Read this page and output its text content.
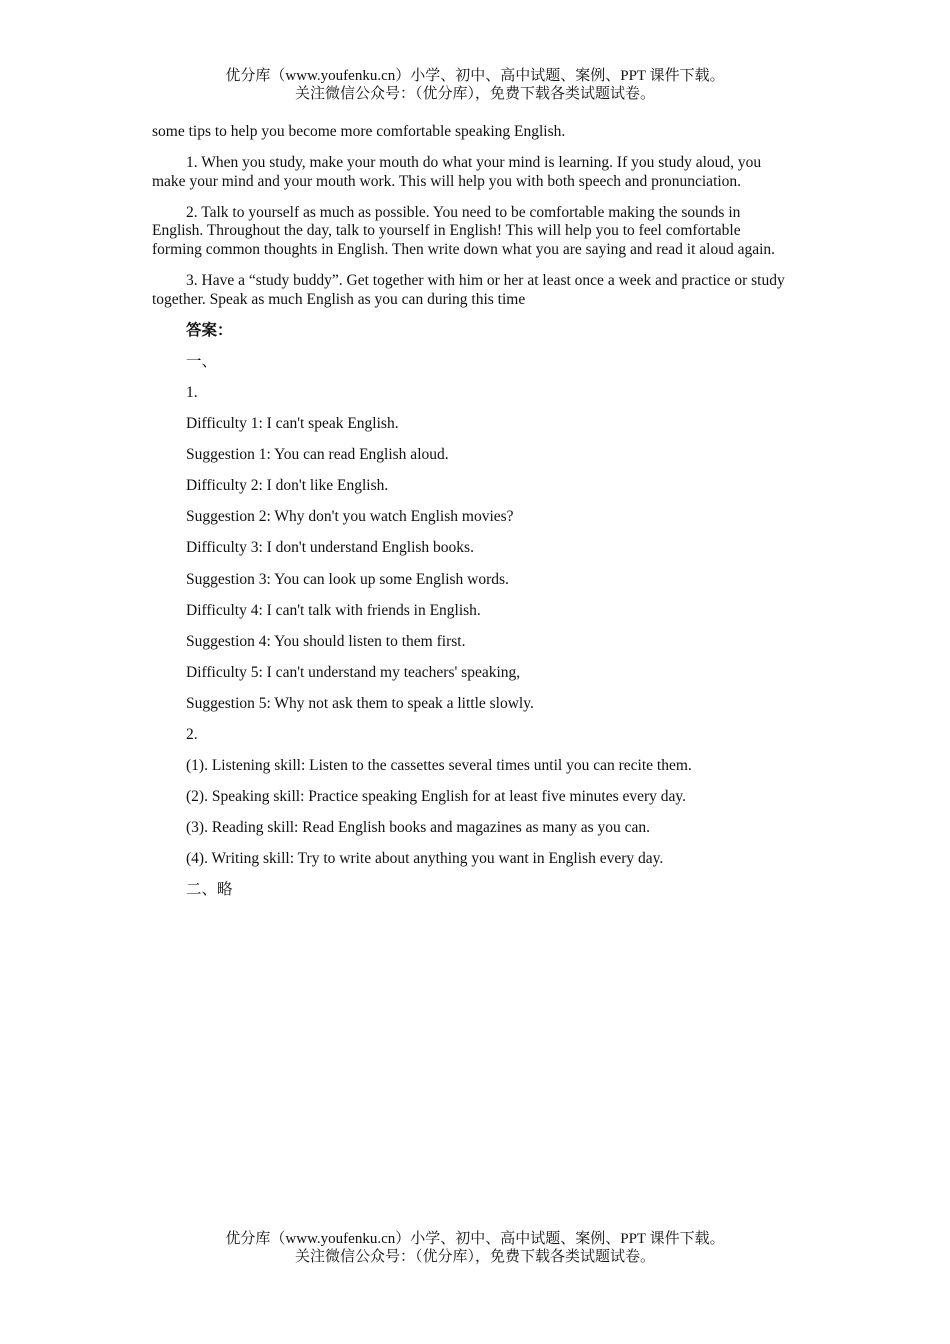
优分库（www.youfenku.cn）小学、初中、高中试题、案例、PPT 课件下载。
关注微信公众号：（优分库），免费下载各类试题试卷。

some tips to help you become more comfortable speaking English.

1. When you study, make your mouth do what your mind is learning. If you study aloud, you make your mind and your mouth work. This will help you with both speech and pronunciation.

2. Talk to yourself as much as possible. You need to be comfortable making the sounds in English. Throughout the day, talk to yourself in English! This will help you to feel comfortable forming common thoughts in English. Then write down what you are saying and read it aloud again.

3. Have a “study buddy”. Get together with him or her at least once a week and practice or study together. Speak as much English as you can during this time

答案：

一、

1.

Difficulty 1: I can't speak English.

Suggestion 1: You can read English aloud.

Difficulty 2: I don't like English.

Suggestion 2: Why don't you watch English movies?

Difficulty 3: I don't understand English books.

Suggestion 3: You can look up some English words.

Difficulty 4: I can't talk with friends in English.

Suggestion 4: You should listen to them first.

Difficulty 5: I can't understand my teachers' speaking,

Suggestion 5: Why not ask them to speak a little slowly.

2.

(1). Listening skill: Listen to the cassettes several times until you can recite them.

(2). Speaking skill: Practice speaking English for at least five minutes every day.

(3). Reading skill: Read English books and magazines as many as you can.

(4). Writing skill: Try to write about anything you want in English every day.

二、略

优分库（www.youfenku.cn）小学、初中、高中试题、案例、PPT 课件下载。
关注微信公众号：（优分库），免费下载各类试题试卷。
